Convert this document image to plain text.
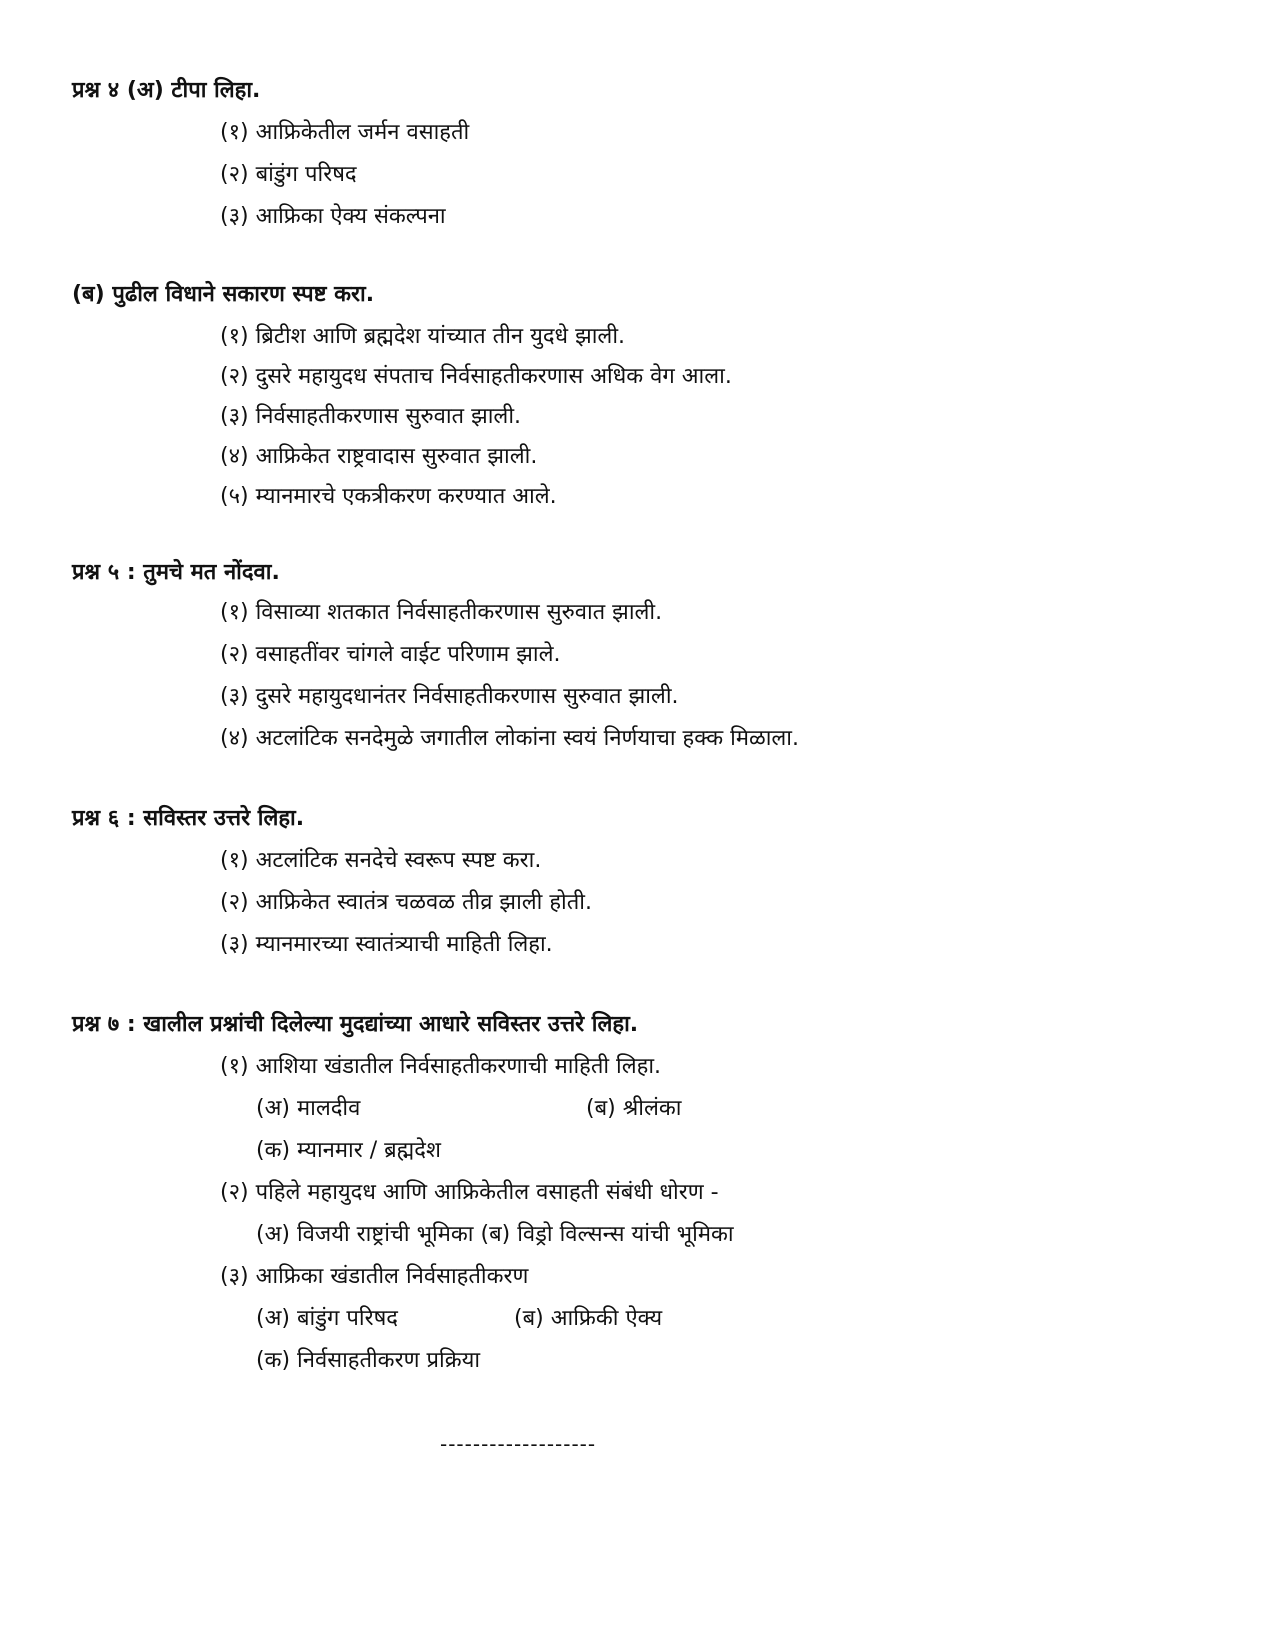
प्रश्न ४ (अ) टीपा लिहा.
(१) आफ्रिकेतील जर्मन वसाहती
(२) बांडुंग परिषद
(३) आफ्रिका ऐक्य संकल्पना
(ब) पुढील विधाने सकारण स्पष्ट करा.
(१) ब्रिटीश आणि ब्रह्मदेश यांच्यात तीन युदधे झाली.
(२) दुसरे महायुदध संपताच निर्वसाहतीकरणास अधिक वेग आला.
(३) निर्वसाहतीकरणास सुरुवात झाली.
(४) आफ्रिकेत राष्ट्रवादास सुरुवात झाली.
(५) म्यानमारचे एकत्रीकरण करण्यात आले.
प्रश्न ५ : तुमचे मत नोंदवा.
(१) विसाव्या शतकात निर्वसाहतीकरणास सुरुवात झाली.
(२) वसाहतींवर चांगले वाईट परिणाम झाले.
(३) दुसरे महायुदधानंतर निर्वसाहतीकरणास सुरुवात झाली.
(४) अटलांटिक सनदेमुळे जगातील लोकांना स्वयं निर्णयाचा हक्क मिळाला.
प्रश्न ६ : सविस्तर उत्तरे लिहा.
(१) अटलांटिक सनदेचे स्वरूप स्पष्ट करा.
(२) आफ्रिकेत स्वातंत्र चळवळ तीव्र झाली होती.
(३) म्यानमारच्या स्वातंत्र्याची माहिती लिहा.
प्रश्न ७ : खालील प्रश्नांची दिलेल्या मुदद्यांच्या आधारे सविस्तर उत्तरे लिहा.
(१) आशिया खंडातील निर्वसाहतीकरणाची माहिती लिहा.
(अ) मालदीव	(ब) श्रीलंका
(क) म्यानमार / ब्रह्मदेश
(२) पहिले महायुदध आणि आफ्रिकेतील वसाहती संबंधी धोरण -
(अ) विजयी राष्ट्रांची भूमिका (ब) विड्रो विल्सन्स यांची भूमिका
(३) आफ्रिका खंडातील निर्वसाहतीकरण
(अ) बांडुंग परिषद	(ब) आफ्रिकी ऐक्य
(क) निर्वसाहतीकरण प्रक्रिया
-------------------
